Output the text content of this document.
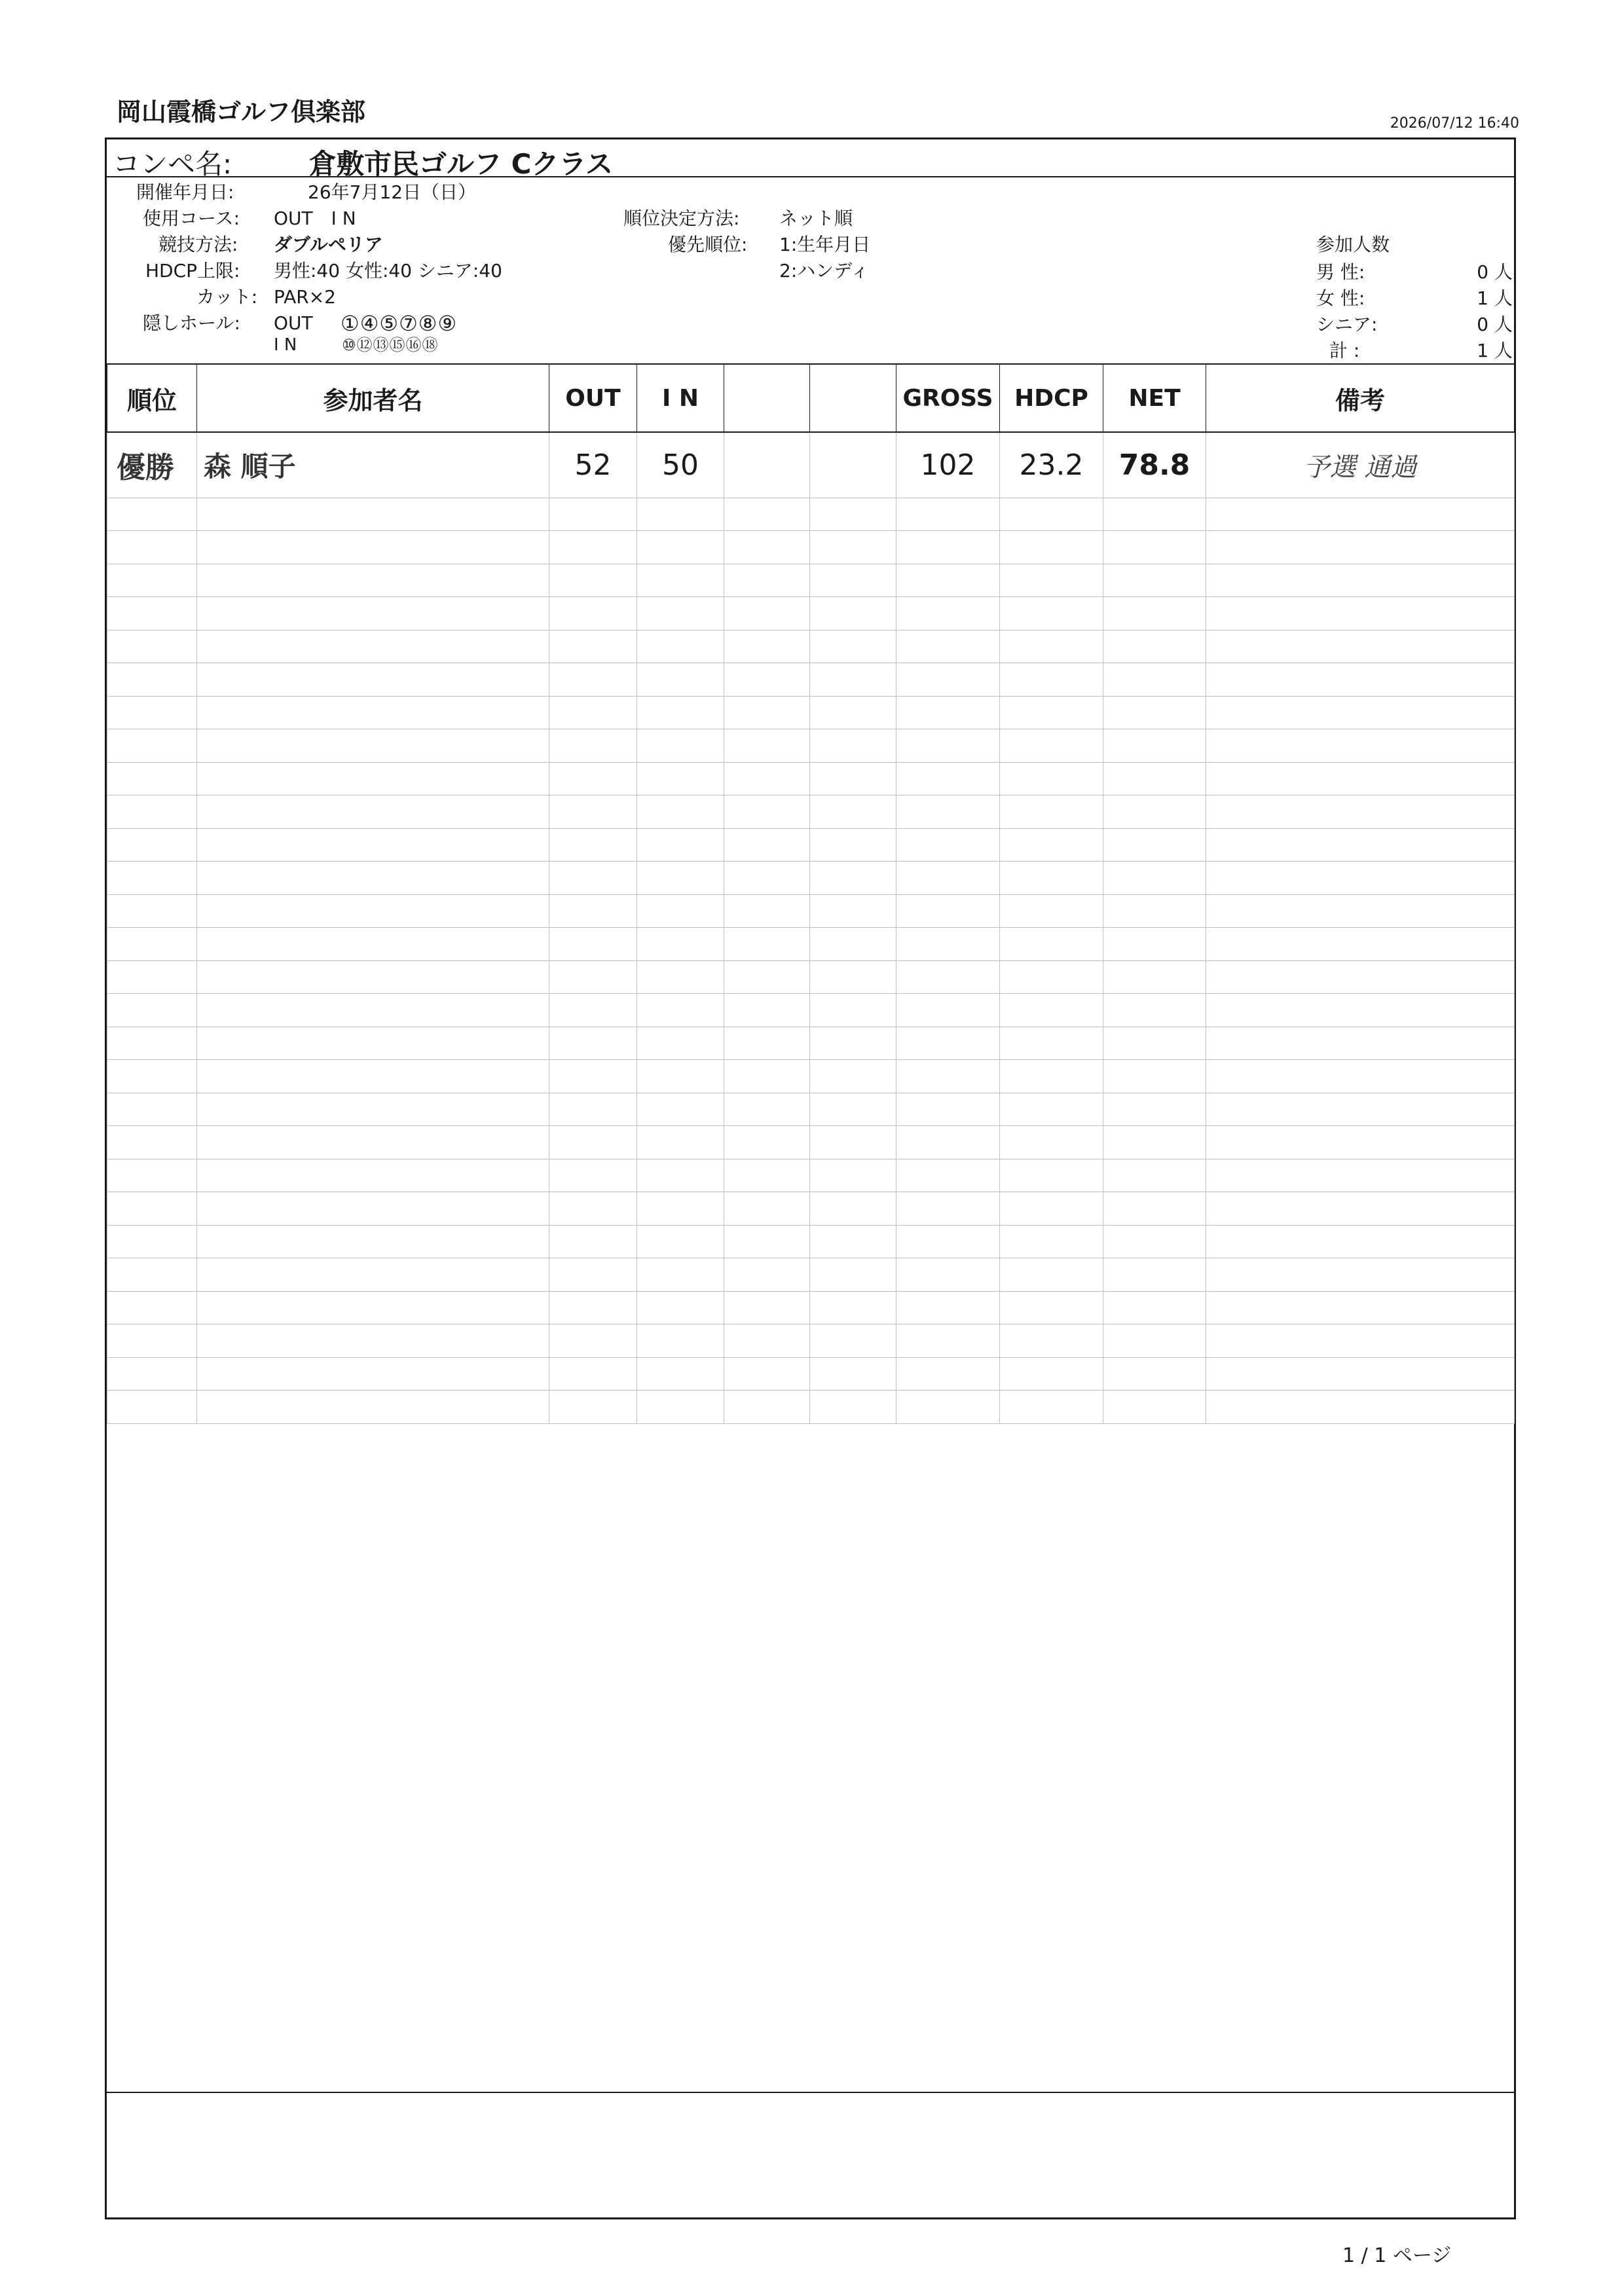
岡山霞橋ゴルフ倶楽部	2026/07/12 16:40
コンペ名:	倉敷市民ゴルフ Cクラス
開催年月日:	26年7月12日（日）
使用コース: OUT　I N
競技方法: ダブルペリア
HDCP上限: 男性:40 女性:40 シニア:40
カット: PAR×2
隠しホール: OUT ①④⑤⑦⑧⑨
I N	⑩⑫⑬⑮⑯⑱
順位決定方法: ネット順
優先順位: 1:生年月日
2:ハンディ
参加人数
男 性:	0 人
女 性:	1 人
シニア:	0 人
計 :	1 人
順位	参加者名	OUT	I N			GROSS	HDCP	NET	備考
優勝	森 順子	52	50			102	23.2	78.8	予選 通過

1 / 1 ページ
